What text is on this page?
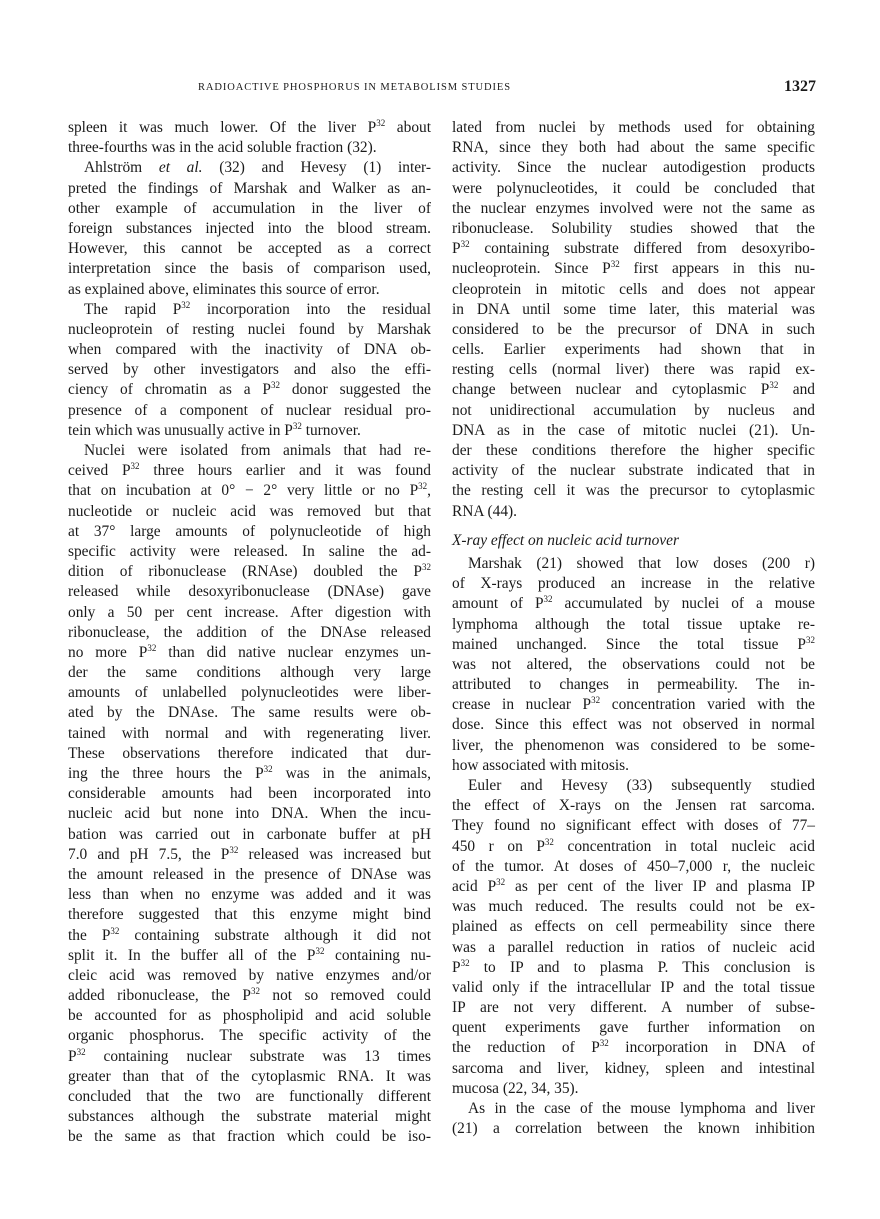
RADIOACTIVE PHOSPHORUS IN METABOLISM STUDIES	1327
spleen it was much lower. Of the liver $P^{32}$ about
three-fourths was in the acid soluble fraction (32).
Ahlström et al. (32) and Hevesy (1) inter-
preted the findings of Marshak and Walker as an-
other example of accumulation in the liver of
foreign substances injected into the blood stream.
However, this cannot be accepted as a correct
interpretation since the basis of comparison used,
as explained above, eliminates this source of error.
The rapid $P^{32}$ incorporation into the residual
nucleoprotein of resting nuclei found by Marshak
when compared with the inactivity of DNA ob-
served by other investigators and also the effi-
ciency of chromatin as a $P^{32}$ donor suggested the
presence of a component of nuclear residual pro-
tein which was unusually active in $P^{32}$ turnover.
Nuclei were isolated from animals that had re-
ceived $P^{32}$ three hours earlier and it was found
that on incubation at 0° − 2° very little or no $P^{32}$,
nucleotide or nucleic acid was removed but that
at 37° large amounts of polynucleotide of high
specific activity were released. In saline the ad-
dition of ribonuclease (RNAse) doubled the $P^{32}$
released while desoxyribonuclease (DNAse) gave
only a 50 per cent increase. After digestion with
ribonuclease, the addition of the DNAse released
no more $P^{32}$ than did native nuclear enzymes un-
der the same conditions although very large
amounts of unlabelled polynucleotides were liber-
ated by the DNAse. The same results were ob-
tained with normal and with regenerating liver.
These observations therefore indicated that dur-
ing the three hours the $P^{32}$ was in the animals,
considerable amounts had been incorporated into
nucleic acid but none into DNA. When the incu-
bation was carried out in carbonate buffer at pH
7.0 and pH 7.5, the $P^{32}$ released was increased but
the amount released in the presence of DNAse was
less than when no enzyme was added and it was
therefore suggested that this enzyme might bind
the $P^{32}$ containing substrate although it did not
split it. In the buffer all of the $P^{32}$ containing nu-
cleic acid was removed by native enzymes and/or
added ribonuclease, the $P^{32}$ not so removed could
be accounted for as phospholipid and acid soluble
organic phosphorus. The specific activity of the
$P^{32}$ containing nuclear substrate was 13 times
greater than that of the cytoplasmic RNA. It was
concluded that the two are functionally different
substances although the substrate material might
be the same as that fraction which could be iso-
lated from nuclei by methods used for obtaining
RNA, since they both had about the same specific
activity. Since the nuclear autodigestion products
were polynucleotides, it could be concluded that
the nuclear enzymes involved were not the same as
ribonuclease. Solubility studies showed that the
$P^{32}$ containing substrate differed from desoxyribo-
nucleoprotein. Since $P^{32}$ first appears in this nu-
cleoprotein in mitotic cells and does not appear
in DNA until some time later, this material was
considered to be the precursor of DNA in such
cells. Earlier experiments had shown that in
resting cells (normal liver) there was rapid ex-
change between nuclear and cytoplasmic $P^{32}$ and
not unidirectional accumulation by nucleus and
DNA as in the case of mitotic nuclei (21). Un-
der these conditions therefore the higher specific
activity of the nuclear substrate indicated that in
the resting cell it was the precursor to cytoplasmic
RNA (44).
X-ray effect on nucleic acid turnover
Marshak (21) showed that low doses (200 r)
of X-rays produced an increase in the relative
amount of $P^{32}$ accumulated by nuclei of a mouse
lymphoma although the total tissue uptake re-
mained unchanged. Since the total tissue $P^{32}$
was not altered, the observations could not be
attributed to changes in permeability. The in-
crease in nuclear $P^{32}$ concentration varied with the
dose. Since this effect was not observed in normal
liver, the phenomenon was considered to be some-
how associated with mitosis.
Euler and Hevesy (33) subsequently studied
the effect of X-rays on the Jensen rat sarcoma.
They found no significant effect with doses of 77–
450 r on $P^{32}$ concentration in total nucleic acid
of the tumor. At doses of 450–7,000 r, the nucleic
acid $P^{32}$ as per cent of the liver IP and plasma IP
was much reduced. The results could not be ex-
plained as effects on cell permeability since there
was a parallel reduction in ratios of nucleic acid
$P^{32}$ to IP and to plasma P. This conclusion is
valid only if the intracellular IP and the total tissue
IP are not very different. A number of subse-
quent experiments gave further information on
the reduction of $P^{32}$ incorporation in DNA of
sarcoma and liver, kidney, spleen and intestinal
mucosa (22, 34, 35).
As in the case of the mouse lymphoma and liver
(21) a correlation between the known inhibition
